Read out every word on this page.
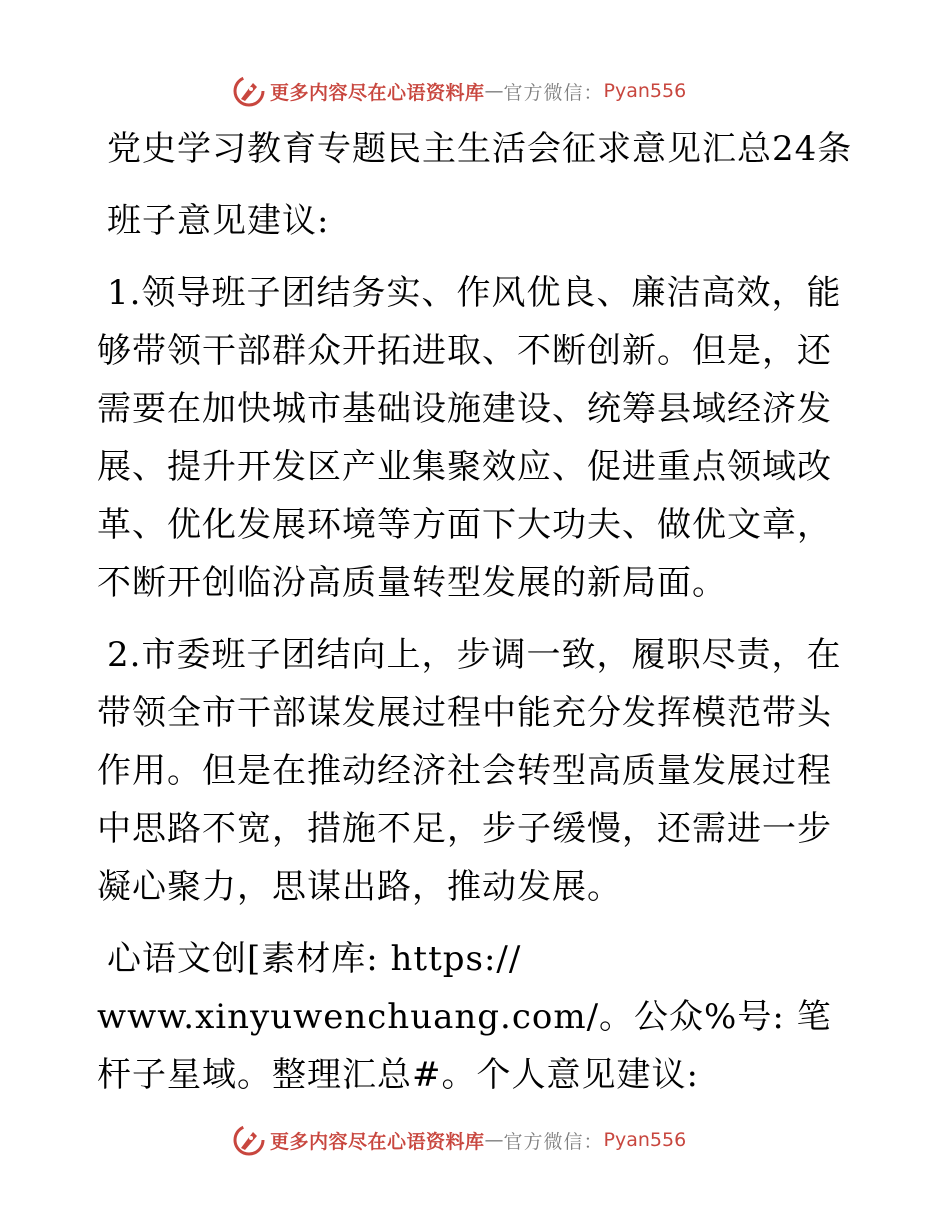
更多内容尽在心语资料库 — 官方微信： Pyan556
党史学习教育专题民主生活会征求意见汇总24条
班子意见建议:

1.领导班子团结务实、作风优良、廉洁高效，能够带领干部群众开拓进取、不断创新。但是，还需要在加快城市基础设施建设、统筹县域经济发展、提升开发区产业集聚效应、促进重点领域改革、优化发展环境等方面下大功夫、做优文章，不断开创临汾高质量转型发展的新局面。

2.市委班子团结向上，步调一致，履职尽责，在带领全市干部谋发展过程中能充分发挥模范带头作用。但是在推动经济社会转型高质量发展过程中思路不宽，措施不足，步子缓慢，还需进一步凝心聚力，思谋出路，推动发展。

心语文创[素材库: https:// www.xinyuwenchuang.com/。公众%号: 笔杆子星域。整理汇总#。个人意见建议:

更多内容尽在心语资料库 — 官方微信： Pyan556
